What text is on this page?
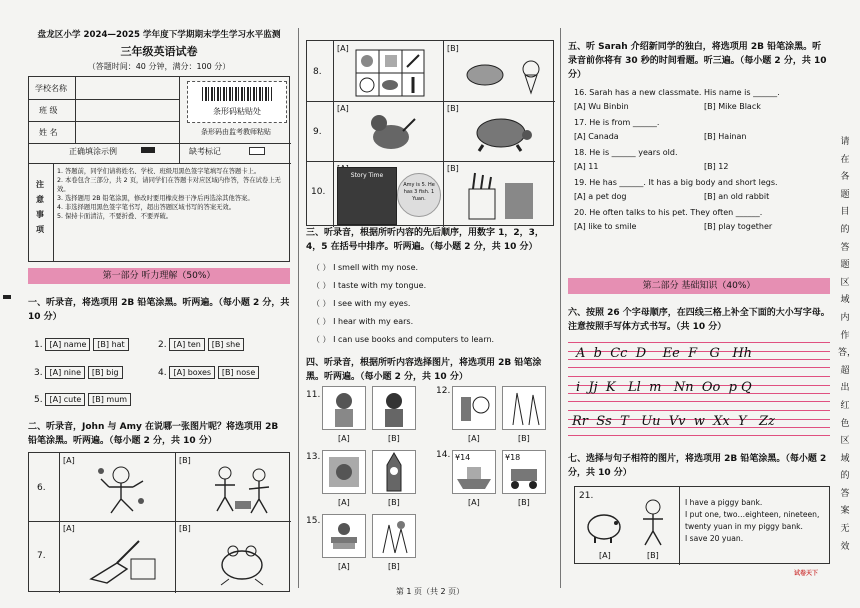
盘龙区小学 2024—2025 学年度下学期期末学生学习水平监测
三年级英语试卷
（答题时间：40 分钟，满分：100 分）
学校名称
班 级
姓 名
条形码粘贴处
条形码由监考教师粘贴
正确填涂示例	缺考标记
注意事项
1. 答题前，同学们请将姓名、学校、班级用黑色签字笔填写在答题卡上。
2. 本卷包含三部分，共 2 页，请同学们在答题卡对应区域内作答，答在试卷上无效。
3. 选择题用 2B 铅笔涂黑，修改时要用橡皮擦干净后再选涂其他答案。
4. 非选择题用黑色签字笔书写，超出答题区域书写的答案无效。
5. 保持卡面清洁，不要折叠、不要弄破。
第一部分 听力理解（50%）
一、听录音，将选项用 2B 铅笔涂黑。听两遍。（每小题 2 分，共 10 分）
1. [A] name [B] hat	2. [A] ten [B] she
3. [A] nine [B] big	4. [A] boxes [B] nose
5. [A] cute [B] mum
二、听录音，John 与 Amy 在说哪一张图片呢？将选项用 2B 铅笔涂黑。听两遍。（每小题 2 分，共 10 分）
6.
7.
[A]	[B]
[A]	[B]
8.
9.
10.
[A]	[B]
[A]	[B]
[B]
Story Time
Amy is 5. He has 3 fish. 1 Yuan.
三、听录音，根据所听内容的先后顺序，用数字 1，2，3，4，5 在括号中排序。听两遍。（每小题 2 分，共 10 分）
（ ） I smell with my nose.
（ ） I taste with my tongue.
（ ） I see with my eyes.
（ ） I hear with my ears.
（ ） I can use books and computers to learn.
四、听录音，根据所听内容选择图片，将选项用 2B 铅笔涂黑。听两遍。（每小题 2 分，共 10 分）
11.
[A]	[B]
12.
[A]	[B]
13.
[A]	[B]
14. ¥14	¥18
[A]	[B]
15.
[A]	[B]
第 1 页（共 2 页）
五、听 Sarah 介绍新同学的独白，将选项用 2B 铅笔涂黑。听录音前你将有 30 秒的时间看题。听三遍。（每小题 2 分，共 10 分）
16. Sarah has a new classmate. His name is ______.
[A] Wu Binbin	[B] Mike Black
17. He is from ______.
[A] Canada	[B] Hainan
18. He is ______ years old.
[A] 11	[B] 12
19. He has ______. It has a big body and short legs.
[A] a pet dog	[B] an old rabbit
20. He often talks to his pet. They often ______.
[A] like to smile	[B] play together
第二部分 基础知识（40%）
六、按照 26 个字母顺序，在四线三格上补全下面的大小写字母。注意按照手写体方式书写。（共 10 分）
A  b  Cc  D    Ee  F   G   Hh
i  Jj  K   Ll  m   Nn  Oo  p Q
Rr  Ss  T   Uu  Vv  w  Xx  Y   Zz
七、选择与句子相符的图片，将选项用 2B 铅笔涂黑。（每小题 2 分，共 10 分）
21.
[A]	[B]
I have a piggy bank.
I put one, two…eighteen, nineteen,
twenty yuan in my piggy bank.
I save 20 yuan.
试卷天下
请在各题目的答题区域内作答，超出红色区域的答案无效
